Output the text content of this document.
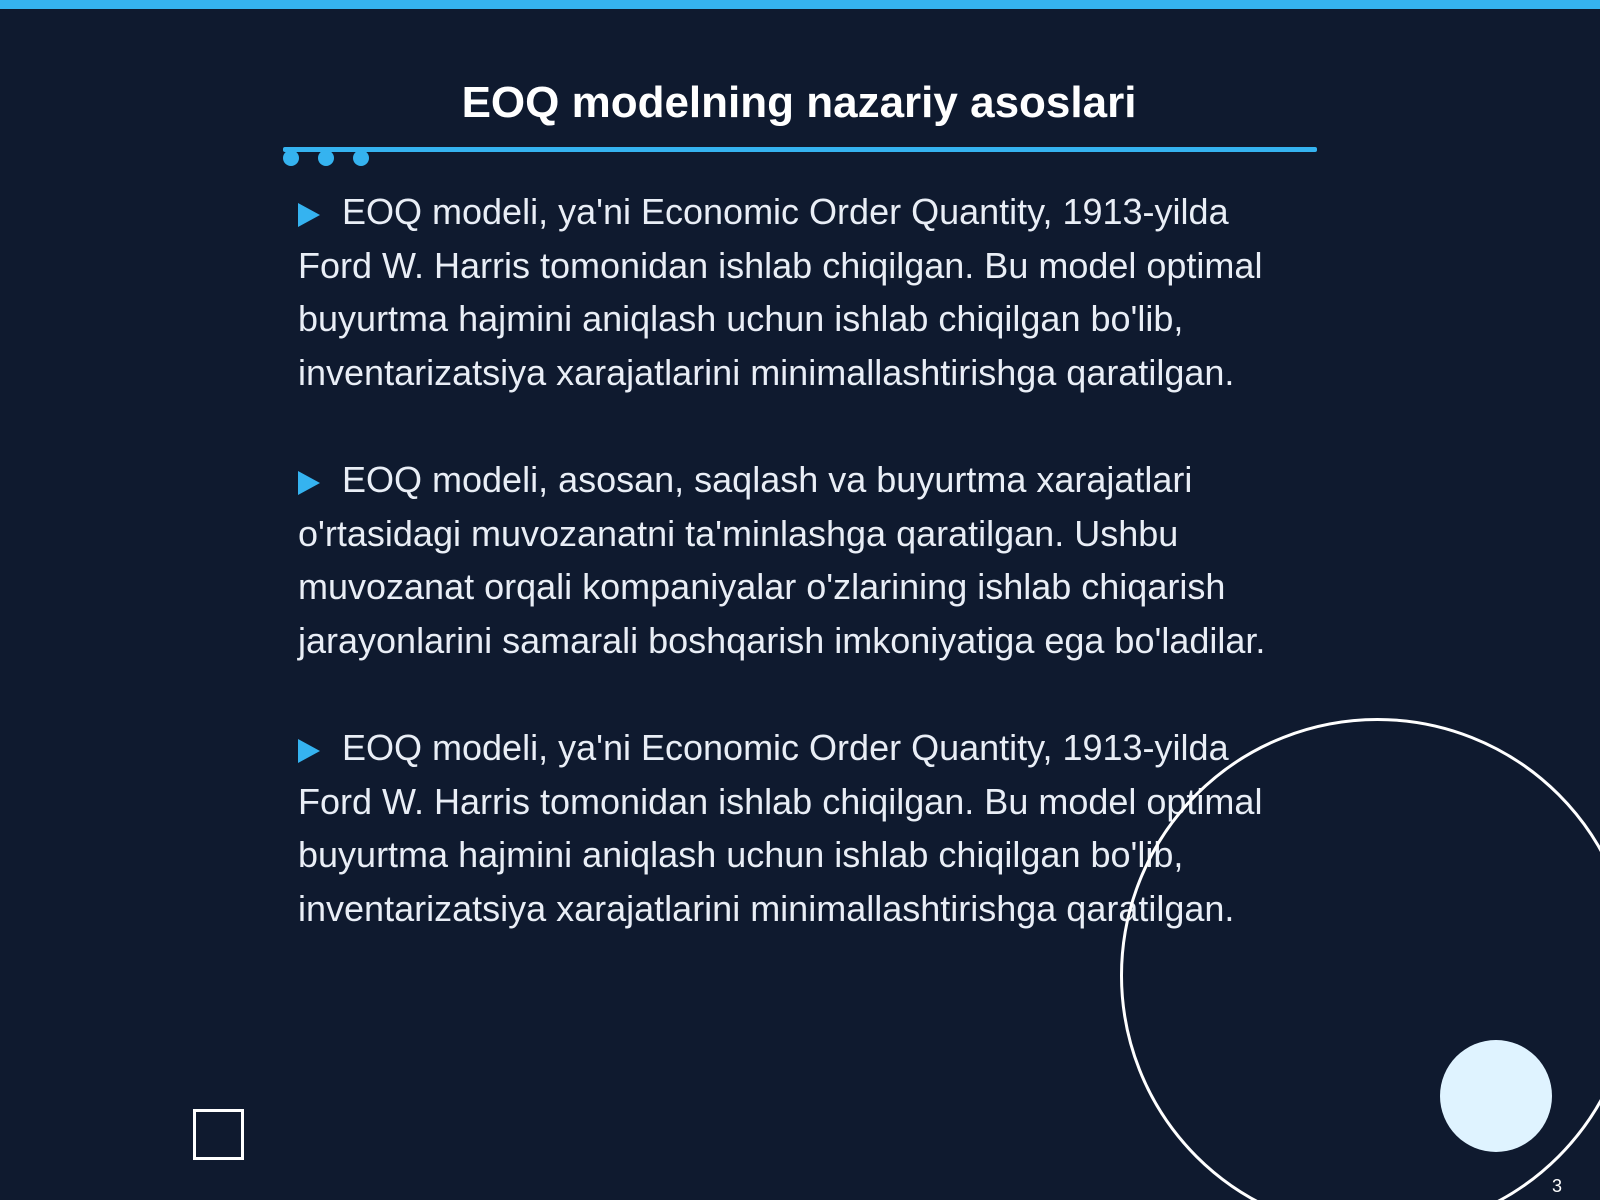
EOQ modelning nazariy asoslari

EOQ modeli, ya'ni Economic Order Quantity, 1913-yilda Ford W. Harris tomonidan ishlab chiqilgan. Bu model optimal buyurtma hajmini aniqlash uchun ishlab chiqilgan bo'lib, inventarizatsiya xarajatlarini minimallashtirishga qaratilgan.

EOQ modeli, asosan, saqlash va buyurtma xarajatlari o'rtasidagi muvozanatni ta'minlashga qaratilgan. Ushbu muvozanat orqali kompaniyalar o'zlarining ishlab chiqarish jarayonlarini samarali boshqarish imkoniyatiga ega bo'ladilar.

EOQ modeli, ya'ni Economic Order Quantity, 1913-yilda Ford W. Harris tomonidan ishlab chiqilgan. Bu model optimal buyurtma hajmini aniqlash uchun ishlab chiqilgan bo'lib, inventarizatsiya xarajatlarini minimallashtirishga qaratilgan.

3
